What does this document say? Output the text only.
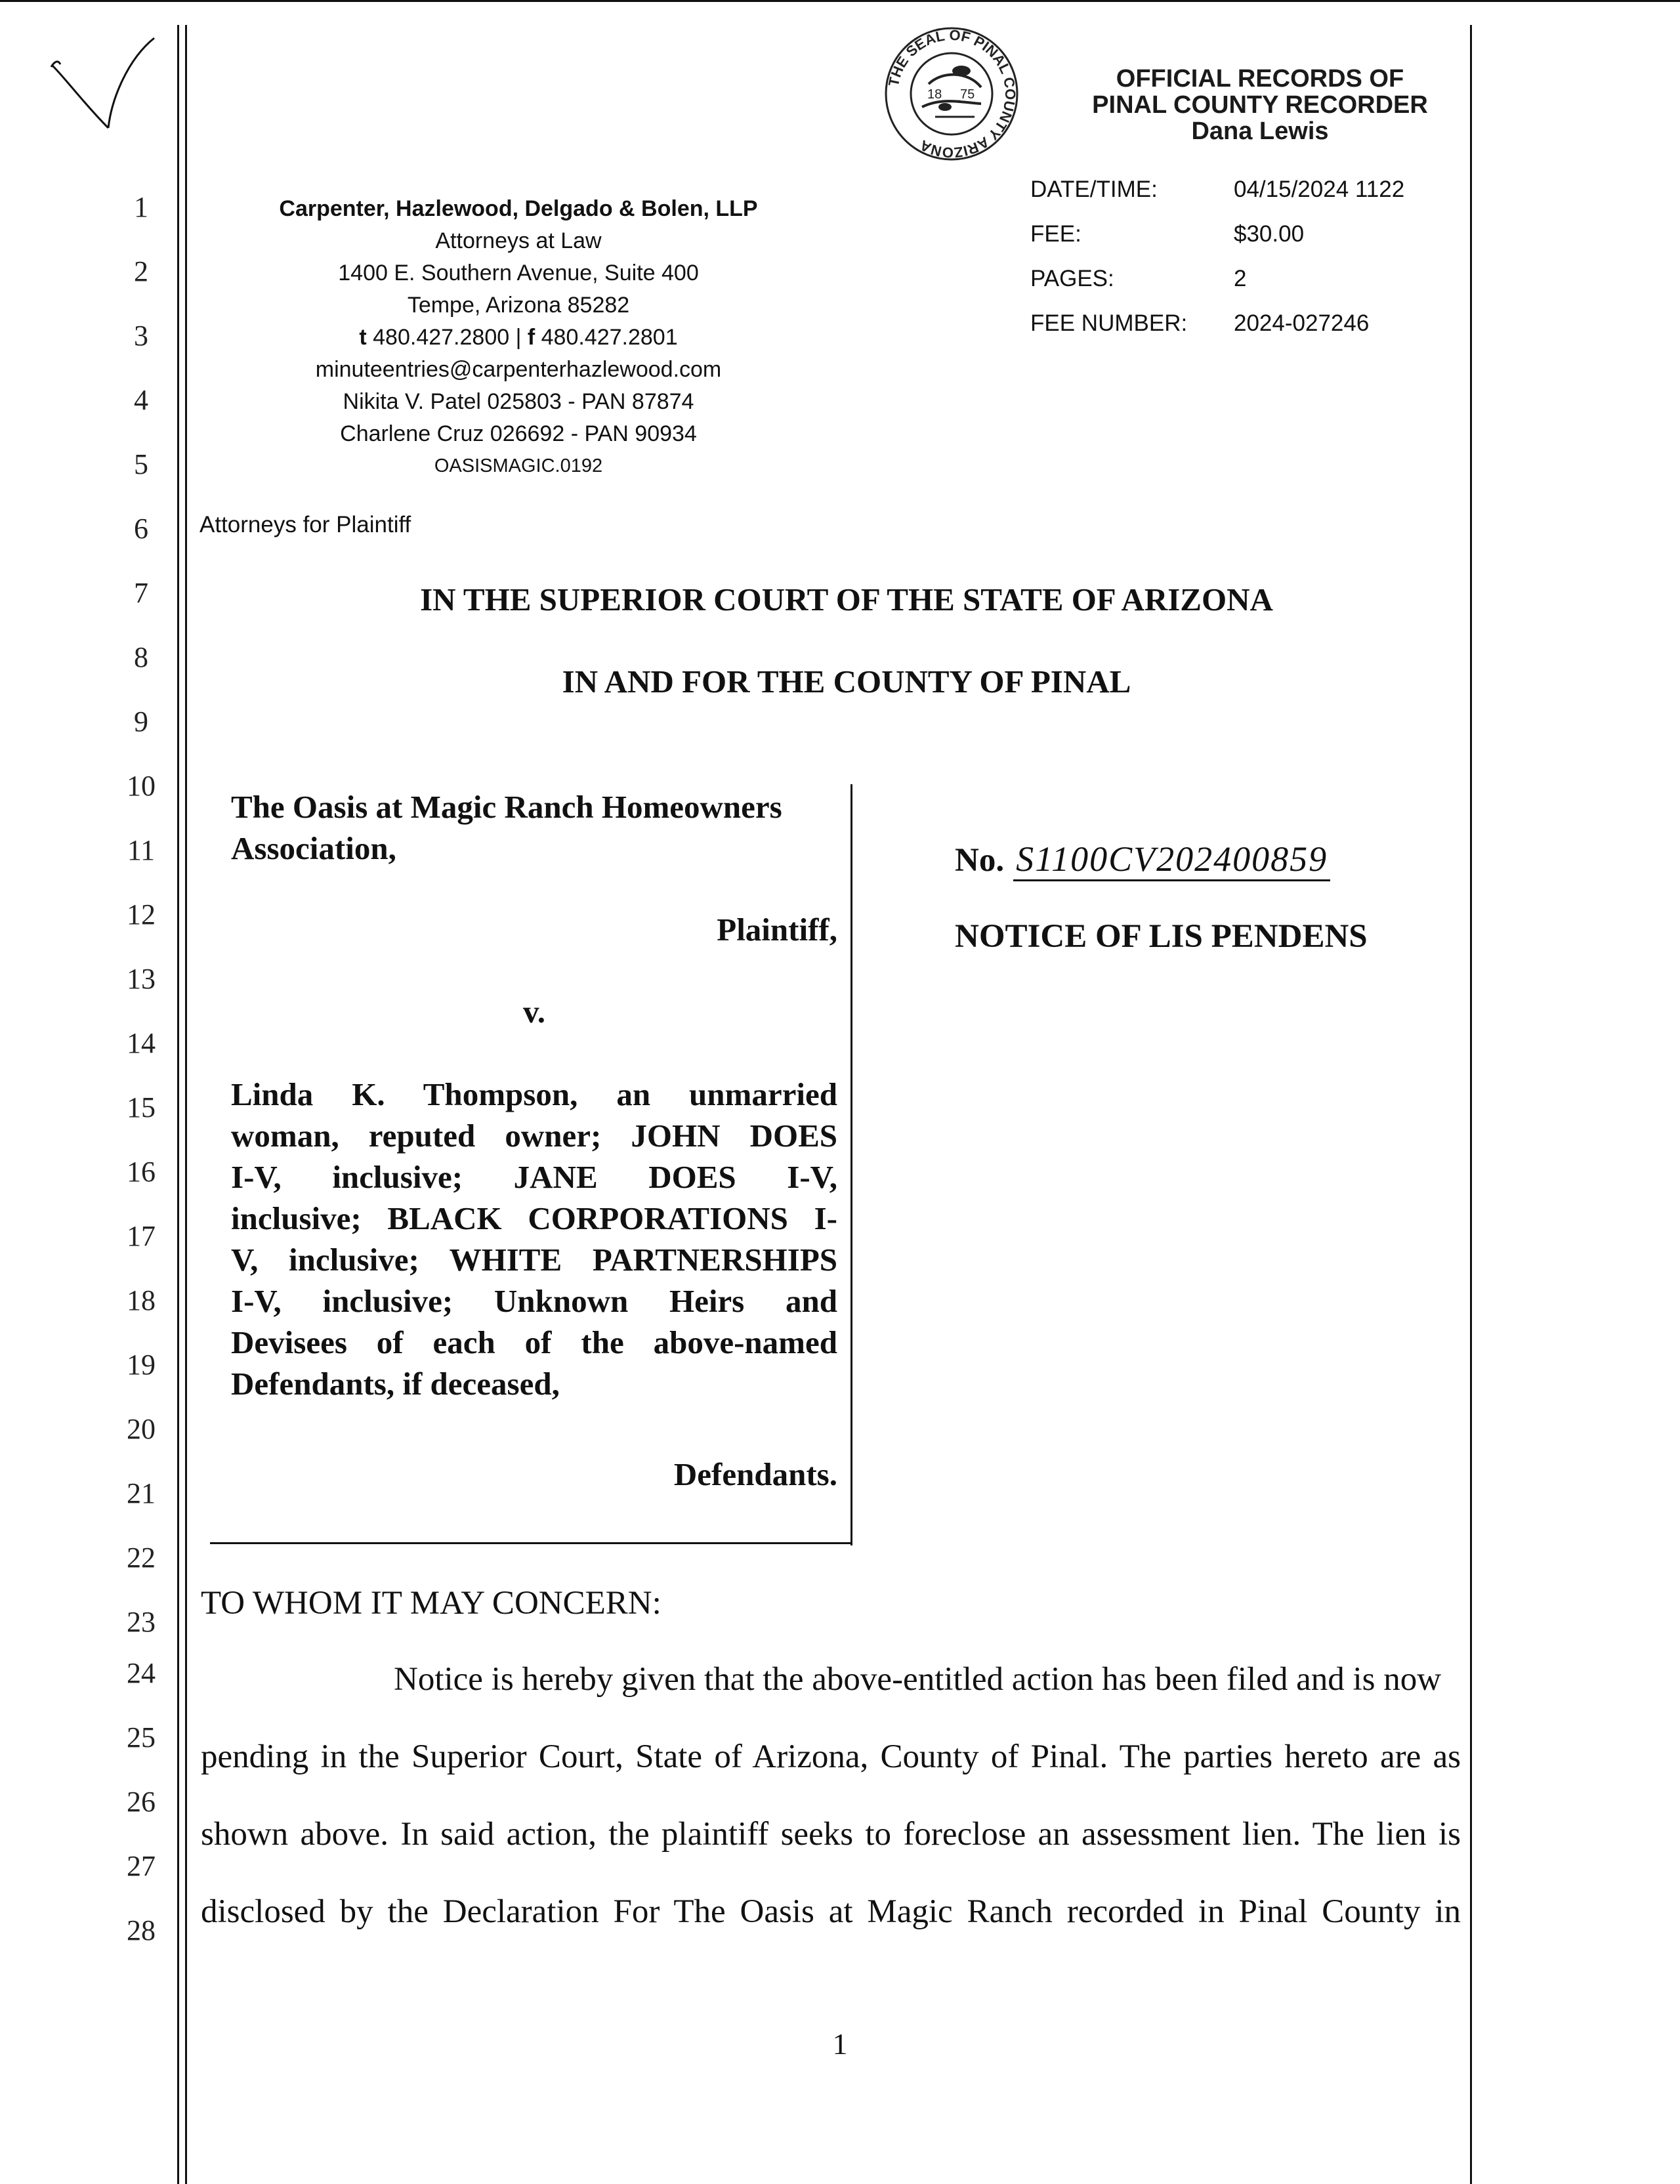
1
2
3
4
5
6
7
8
9
10
11
12
13
14
15
16
17
18
19
20
21
22
23
24
25
26
27
28
18_ _75
THE SEAL OF PINAL COUNTY ARIZONA
OFFICIAL RECORDS OF
PINAL COUNTY RECORDER
Dana Lewis
DATE/TIME:	04/15/2024 1122
FEE:	$30.00
PAGES:	2
FEE NUMBER:	2024-027246
Carpenter, Hazlewood, Delgado & Bolen, LLP
Attorneys at Law
1400 E. Southern Avenue, Suite 400
Tempe, Arizona 85282
t 480.427.2800 | f 480.427.2801
minuteentries@carpenterhazlewood.com
Nikita V. Patel 025803 - PAN 87874
Charlene Cruz 026692 - PAN 90934
OASISMAGIC.0192
Attorneys for Plaintiff
IN THE SUPERIOR COURT OF THE STATE OF ARIZONA
IN AND FOR THE COUNTY OF PINAL
The Oasis at Magic Ranch Homeowners
Association,
Plaintiff,
v.
Linda K. Thompson, an unmarried
woman, reputed owner; JOHN DOES
I-V, inclusive; JANE DOES I-V,
inclusive; BLACK CORPORATIONS I-
V, inclusive; WHITE PARTNERSHIPS
I-V, inclusive; Unknown Heirs and
Devisees of each of the above-named
Defendants, if deceased,
Defendants.
No. S1100CV202400859
NOTICE OF LIS PENDENS
TO WHOM IT MAY CONCERN:
Notice is hereby given that the above-entitled action has been filed and is now
pending in the Superior Court, State of Arizona, County of Pinal. The parties hereto are as
shown above. In said action, the plaintiff seeks to foreclose an assessment lien. The lien is
disclosed by the Declaration For The Oasis at Magic Ranch recorded in Pinal County in
1
